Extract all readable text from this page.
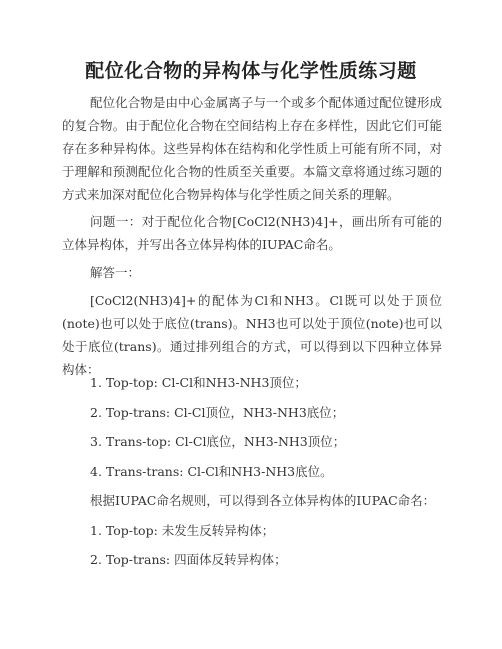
配位化合物的异构体与化学性质练习题

配位化合物是由中心金属离子与一个或多个配体通过配位键形成的复合物。由于配位化合物在空间结构上存在多样性，因此它们可能存在多种异构体。这些异构体在结构和化学性质上可能有所不同，对于理解和预测配位化合物的性质至关重要。本篇文章将通过练习题的方式来加深对配位化合物异构体与化学性质之间关系的理解。

问题一：对于配位化合物[CoCl2(NH3)4]+，画出所有可能的立体异构体，并写出各立体异构体的IUPAC命名。

解答一：

[CoCl2(NH3)4]+的配体为Cl和NH3。Cl既可以处于顶位(note)也可以处于底位(trans)。NH3也可以处于顶位(note)也可以处于底位(trans)。通过排列组合的方式，可以得到以下四种立体异构体：

1. Top-top: Cl-Cl和NH3-NH3顶位；

2. Top-trans: Cl-Cl顶位，NH3-NH3底位；

3. Trans-top: Cl-Cl底位，NH3-NH3顶位；

4. Trans-trans: Cl-Cl和NH3-NH3底位。

根据IUPAC命名规则，可以得到各立体异构体的IUPAC命名：

1. Top-top: 未发生反转异构体；

2. Top-trans: 四面体反转异构体；
